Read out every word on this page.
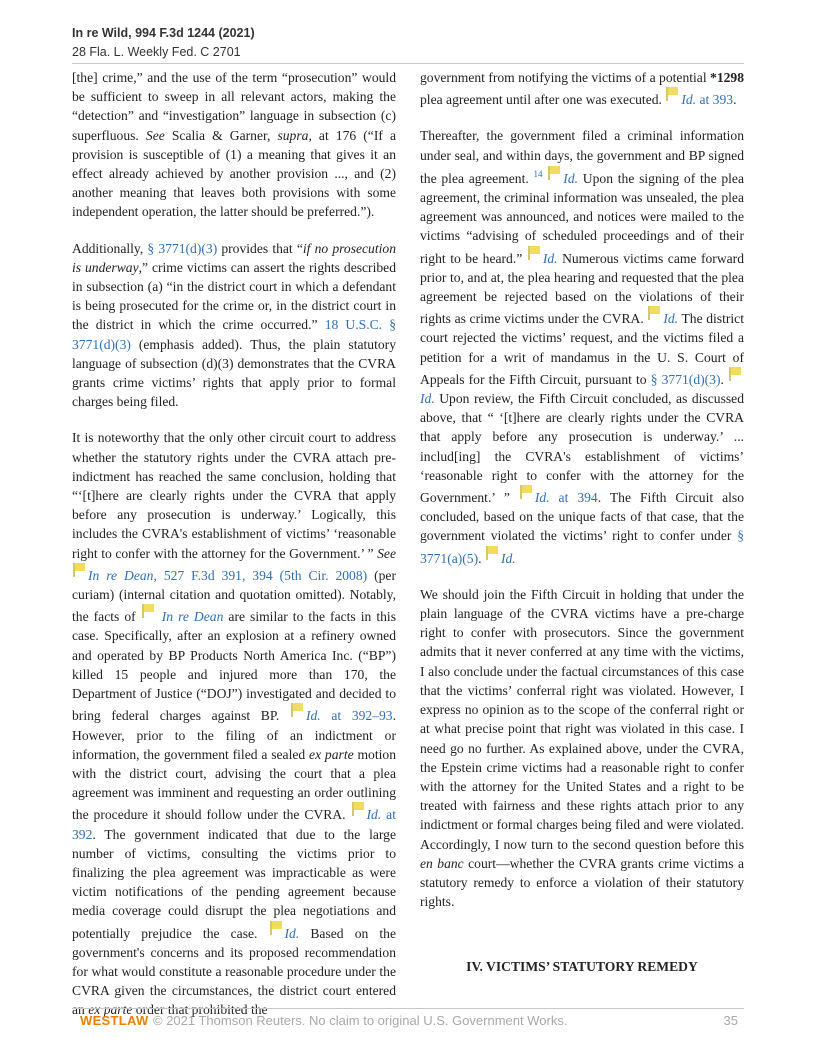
In re Wild, 994 F.3d 1244 (2021)
28 Fla. L. Weekly Fed. C 2701

[the] crime,” and the use of the term “prosecution” would be sufficient to sweep in all relevant actors, making the “detection” and “investigation” language in subsection (c) superfluous. See Scalia & Garner, supra, at 176 (“If a provision is susceptible of (1) a meaning that gives it an effect already achieved by another provision ..., and (2) another meaning that leaves both provisions with some independent operation, the latter should be preferred.”).

Additionally, § 3771(d)(3) provides that “if no prosecution is underway,” crime victims can assert the rights described in subsection (a) “in the district court in which a defendant is being prosecuted for the crime or, in the district court in the district in which the crime occurred.” 18 U.S.C. § 3771(d)(3) (emphasis added). Thus, the plain statutory language of subsection (d)(3) demonstrates that the CVRA grants crime victims’ rights that apply prior to formal charges being filed.

It is noteworthy that the only other circuit court to address whether the statutory rights under the CVRA attach pre-indictment has reached the same conclusion, holding that “‘[t]here are clearly rights under the CVRA that apply before any prosecution is underway.’ Logically, this includes the CVRA's establishment of victims’ ‘reasonable right to confer with the attorney for the Government.’ ” See In re Dean, 527 F.3d 391, 394 (5th Cir. 2008) (per curiam) (internal citation and quotation omitted). Notably, the facts of  In re Dean are similar to the facts in this case. Specifically, after an explosion at a refinery owned and operated by BP Products North America Inc. (“BP”) killed 15 people and injured more than 170, the Department of Justice (“DOJ”) investigated and decided to bring federal charges against BP. Id. at 392–93. However, prior to the filing of an indictment or information, the government filed a sealed ex parte motion with the district court, advising the court that a plea agreement was imminent and requesting an order outlining the procedure it should follow under the CVRA. Id. at 392. The government indicated that due to the large number of victims, consulting the victims prior to finalizing the plea agreement was impracticable as were victim notifications of the pending agreement because media coverage could disrupt the plea negotiations and potentially prejudice the case. Id. Based on the government's concerns and its proposed recommendation for what would constitute a reasonable procedure under the CVRA given the circumstances, the district court entered an ex parte order that prohibited the

government from notifying the victims of a potential *1298 plea agreement until after one was executed. Id. at 393.

Thereafter, the government filed a criminal information under seal, and within days, the government and BP signed the plea agreement. $^{14}$ Id. Upon the signing of the plea agreement, the criminal information was unsealed, the plea agreement was announced, and notices were mailed to the victims “advising of scheduled proceedings and of their right to be heard.” Id. Numerous victims came forward prior to, and at, the plea hearing and requested that the plea agreement be rejected based on the violations of their rights as crime victims under the CVRA. Id. The district court rejected the victims’ request, and the victims filed a petition for a writ of mandamus in the U. S. Court of Appeals for the Fifth Circuit, pursuant to § 3771(d)(3). Id. Upon review, the Fifth Circuit concluded, as discussed above, that “ ‘[t]here are clearly rights under the CVRA that apply before any prosecution is underway.’ ... includ[ing] the CVRA's establishment of victims’ ‘reasonable right to confer with the attorney for the Government.’ ” Id. at 394. The Fifth Circuit also concluded, based on the unique facts of that case, that the government violated the victims’ right to confer under § 3771(a)(5). Id.

We should join the Fifth Circuit in holding that under the plain language of the CVRA victims have a pre-charge right to confer with prosecutors. Since the government admits that it never conferred at any time with the victims, I also conclude under the factual circumstances of this case that the victims’ conferral right was violated. However, I express no opinion as to the scope of the conferral right or at what precise point that right was violated in this case. I need go no further. As explained above, under the CVRA, the Epstein crime victims had a reasonable right to confer with the attorney for the United States and a right to be treated with fairness and these rights attach prior to any indictment or formal charges being filed and were violated. Accordingly, I now turn to the second question before this en banc court—whether the CVRA grants crime victims a statutory remedy to enforce a violation of their statutory rights.

IV. VICTIMS’ STATUTORY REMEDY
WESTLAW © 2021 Thomson Reuters. No claim to original U.S. Government Works.	35
